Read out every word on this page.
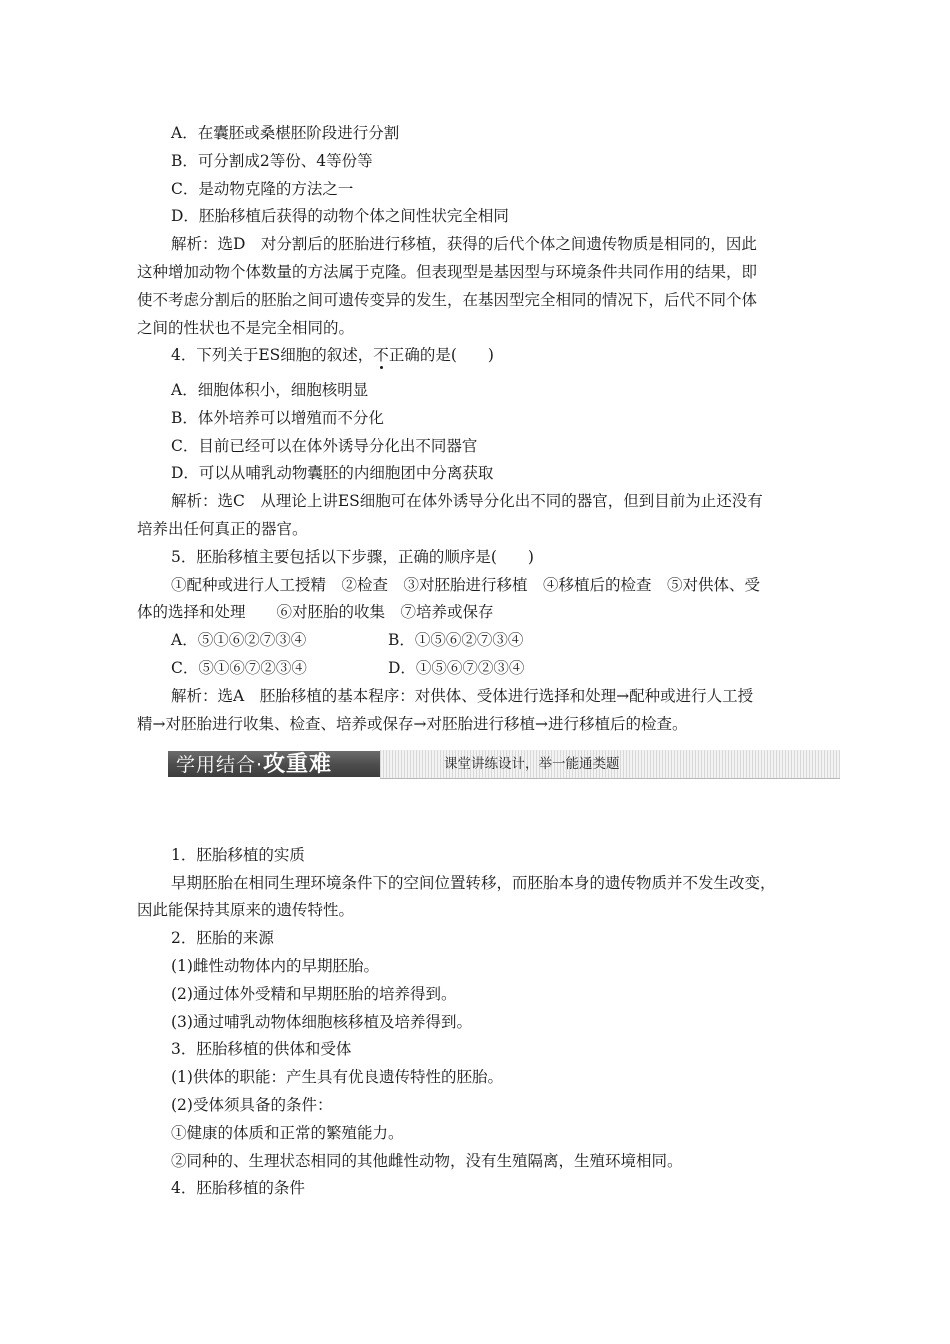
A．在囊胚或桑椹胚阶段进行分割
B．可分割成2等份、4等份等
C．是动物克隆的方法之一
D．胚胎移植后获得的动物个体之间性状完全相同
解析：选D　对分割后的胚胎进行移植，获得的后代个体之间遗传物质是相同的，因此
这种增加动物个体数量的方法属于克隆。但表现型是基因型与环境条件共同作用的结果，即
使不考虑分割后的胚胎之间可遗传变异的发生，在基因型完全相同的情况下，后代不同个体
之间的性状也不是完全相同的。
4．下列关于ES细胞的叙述，不正确的是(　　)
A．细胞体积小，细胞核明显
B．体外培养可以增殖而不分化
C．目前已经可以在体外诱导分化出不同器官
D．可以从哺乳动物囊胚的内细胞团中分离获取
解析：选C　从理论上讲ES细胞可在体外诱导分化出不同的器官，但到目前为止还没有
培养出任何真正的器官。
5．胚胎移植主要包括以下步骤，正确的顺序是(　　)
①配种或进行人工授精　②检查　③对胚胎进行移植　④移植后的检查　⑤对供体、受
体的选择和处理　　⑥对胚胎的收集　⑦培养或保存
A．⑤①⑥②⑦③④	B．①⑤⑥②⑦③④
C．⑤①⑥⑦②③④	D．①⑤⑥⑦②③④
解析：选A　胚胎移植的基本程序：对供体、受体进行选择和处理→配种或进行人工授
精→对胚胎进行收集、检查、培养或保存→对胚胎进行移植→进行移植后的检查。
学用结合·攻重难	课堂讲练设计，举一能通类题
1．胚胎移植的实质
早期胚胎在相同生理环境条件下的空间位置转移，而胚胎本身的遗传物质并不发生改变，
因此能保持其原来的遗传特性。
2．胚胎的来源
(1)雌性动物体内的早期胚胎。
(2)通过体外受精和早期胚胎的培养得到。
(3)通过哺乳动物体细胞核移植及培养得到。
3．胚胎移植的供体和受体
(1)供体的职能：产生具有优良遗传特性的胚胎。
(2)受体须具备的条件：
①健康的体质和正常的繁殖能力。
②同种的、生理状态相同的其他雌性动物，没有生殖隔离，生殖环境相同。
4．胚胎移植的条件
